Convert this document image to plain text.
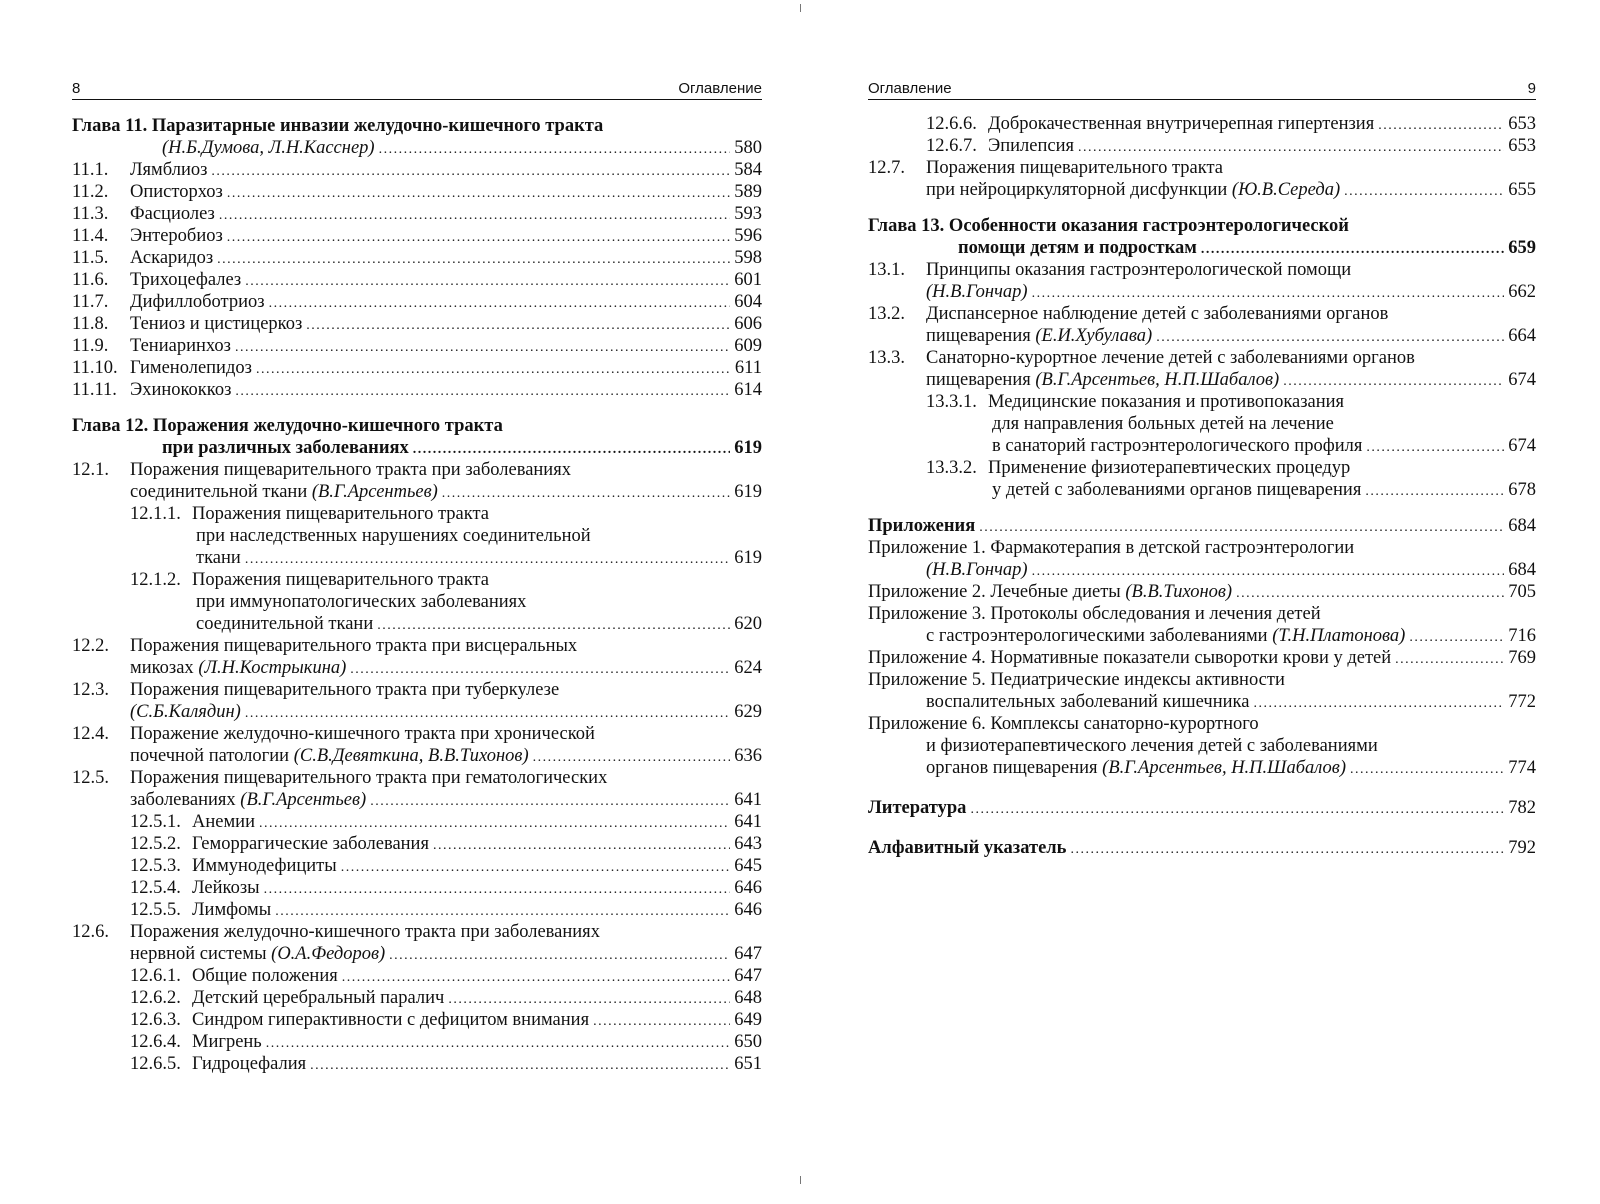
8	Оглавление
Глава 11. Паразитарные инвазии желудочно-кишечного тракта
(Н.Б.Думова, Л.Н.Касснер) .....	580
11.1.	Лямблиоз .....	584
11.2.	Описторхоз .....	589
11.3.	Фасциолез .....	593
11.4.	Энтеробиоз .....	596
11.5.	Аскаридоз .....	598
11.6.	Трихоцефалез .....	601
11.7.	Дифиллоботриоз .....	604
11.8.	Тениоз и цистицеркоз .....	606
11.9.	Тениаринхоз .....	609
11.10. Гименолепидоз .....	611
11.11. Эхинококкоз .....	614
Глава 12. Поражения желудочно-кишечного тракта
при различных заболеваниях .....	619
12.1.	Поражения пищеварительного тракта при заболеваниях
соединительной ткани
(В.Г.Арсентьев) .....	619
12.1.1. Поражения пищеварительного тракта
при наследственных нарушениях соединительной
ткани .....	619
12.1.2. Поражения пищеварительного тракта
при иммунопатологических заболеваниях
соединительной ткани .....	620
12.2.	Поражения пищеварительного тракта при висцеральных
микозах
(Л.Н.Кострыкина) .....	624
12.3.	Поражения пищеварительного тракта при туберкулезе
(С.Б.Калядин) .....	629
12.4.	Поражение желудочно-кишечного тракта при хронической
почечной патологии
(С.В.Девяткина, В.В.Тихонов) .....	636
12.5.	Поражения пищеварительного тракта при гематологических
заболеваниях
(В.Г.Арсентьев) .....	641
12.5.1. Анемии .....	641
12.5.2. Геморрагические заболевания .....	643
12.5.3. Иммунодефициты .....	645
12.5.4. Лейкозы .....	646
12.5.5. Лимфомы .....	646
12.6.	Поражения желудочно-кишечного тракта при заболеваниях
нервной системы
(О.А.Федоров) .....	647
12.6.1. Общие положения .....	647
12.6.2. Детский церебральный паралич .....	648
12.6.3. Синдром гиперактивности с дефицитом внимания .....	649
12.6.4. Мигрень .....	650
12.6.5. Гидроцефалия .....	651
Оглавление	9
12.6.6. Доброкачественная внутричерепная гипертензия .....	653
12.6.7. Эпилепсия .....	653
12.7.	Поражения пищеварительного тракта
при нейроциркуляторной дисфункции
(Ю.В.Середа) .....	655
Глава 13. Особенности оказания гастроэнтерологической
помощи детям и подросткам .....	659
13.1.	Принципы оказания гастроэнтерологической помощи
(Н.В.Гончар) .....	662
13.2.	Диспансерное наблюдение детей с заболеваниями органов
пищеварения
(Е.И.Хубулава) .....	664
13.3.	Санаторно-курортное лечение детей с заболеваниями органов
пищеварения
(В.Г.Арсентьев, Н.П.Шабалов) .....	674
13.3.1. Медицинские показания и противопоказания
для направления больных детей на лечение
в санаторий гастроэнтерологического профиля .....	674
13.3.2. Применение физиотерапевтических процедур
у детей с заболеваниями органов пищеварения .....	678
Приложения .....	684
Приложение 1. Фармакотерапия в детской гастроэнтерологии
(Н.В.Гончар) .....	684
Приложение 2. Лечебные диеты
(В.В.Тихонов) .....	705
Приложение 3. Протоколы обследования и лечения детей
с гастроэнтерологическими заболеваниями
(Т.Н.Платонова) .....	716
Приложение 4. Нормативные показатели сыворотки крови у детей .....	769
Приложение 5. Педиатрические индексы активности
воспалительных заболеваний кишечника .....	772
Приложение 6. Комплексы санаторно-курортного
и физиотерапевтического лечения детей с заболеваниями
органов пищеварения
(В.Г.Арсентьев, Н.П.Шабалов) .....	774
Литература .....	782
Алфавитный указатель .....	792
